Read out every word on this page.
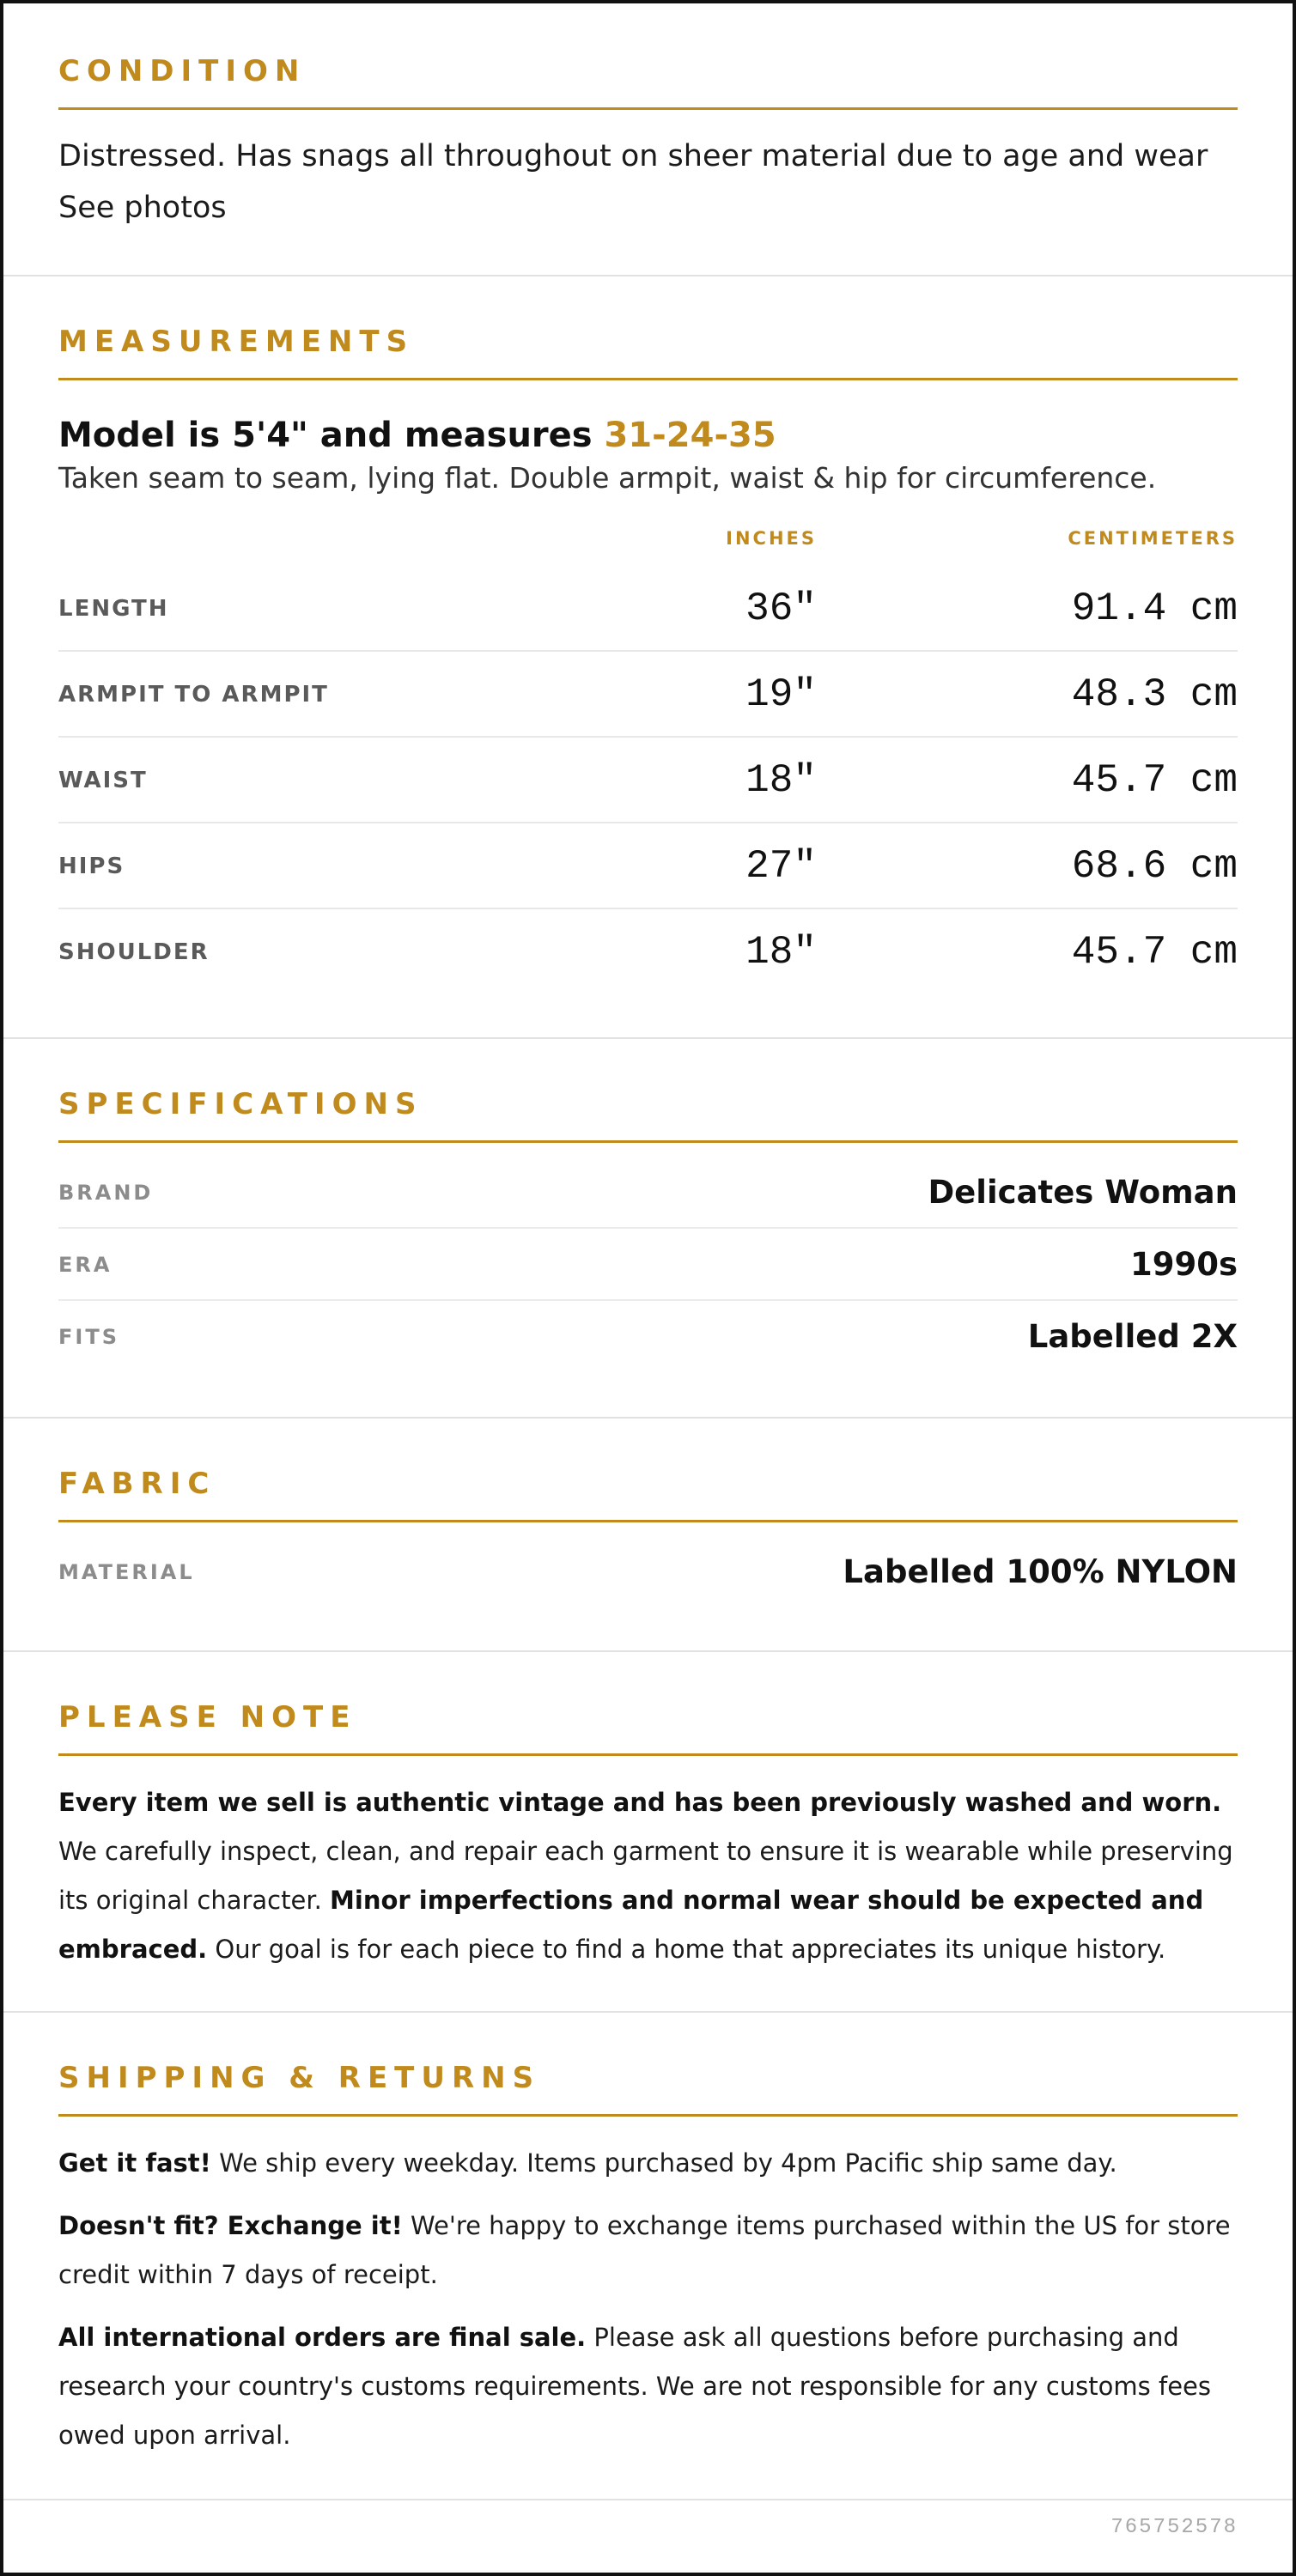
CONDITION
Distressed. Has snags all throughout on sheer material due to age and wear See photos
MEASUREMENTS
Model is 5'4" and measures 31-24-35
Taken seam to seam, lying flat. Double armpit, waist & hip for circumference.
INCHES	CENTIMETERS
LENGTH	36"	91.4 cm
ARMPIT TO ARMPIT	19"	48.3 cm
WAIST	18"	45.7 cm
HIPS	27"	68.6 cm
SHOULDER	18"	45.7 cm
SPECIFICATIONS
BRAND	Delicates Woman
ERA	1990s
FITS	Labelled 2X
FABRIC
MATERIAL	Labelled 100% NYLON
PLEASE NOTE

Every item we sell is authentic vintage and has been previously washed and worn. We carefully inspect, clean, and repair each garment to ensure it is wearable while preserving its original character. Minor imperfections and normal wear should be expected and embraced. Our goal is for each piece to find a home that appreciates its unique history.

SHIPPING & RETURNS

Get it fast! We ship every weekday. Items purchased by 4pm Pacific ship same day.

Doesn't fit? Exchange it! We're happy to exchange items purchased within the US for store credit within 7 days of receipt.

All international orders are final sale. Please ask all questions before purchasing and research your country's customs requirements. We are not responsible for any customs fees owed upon arrival.

765752578
